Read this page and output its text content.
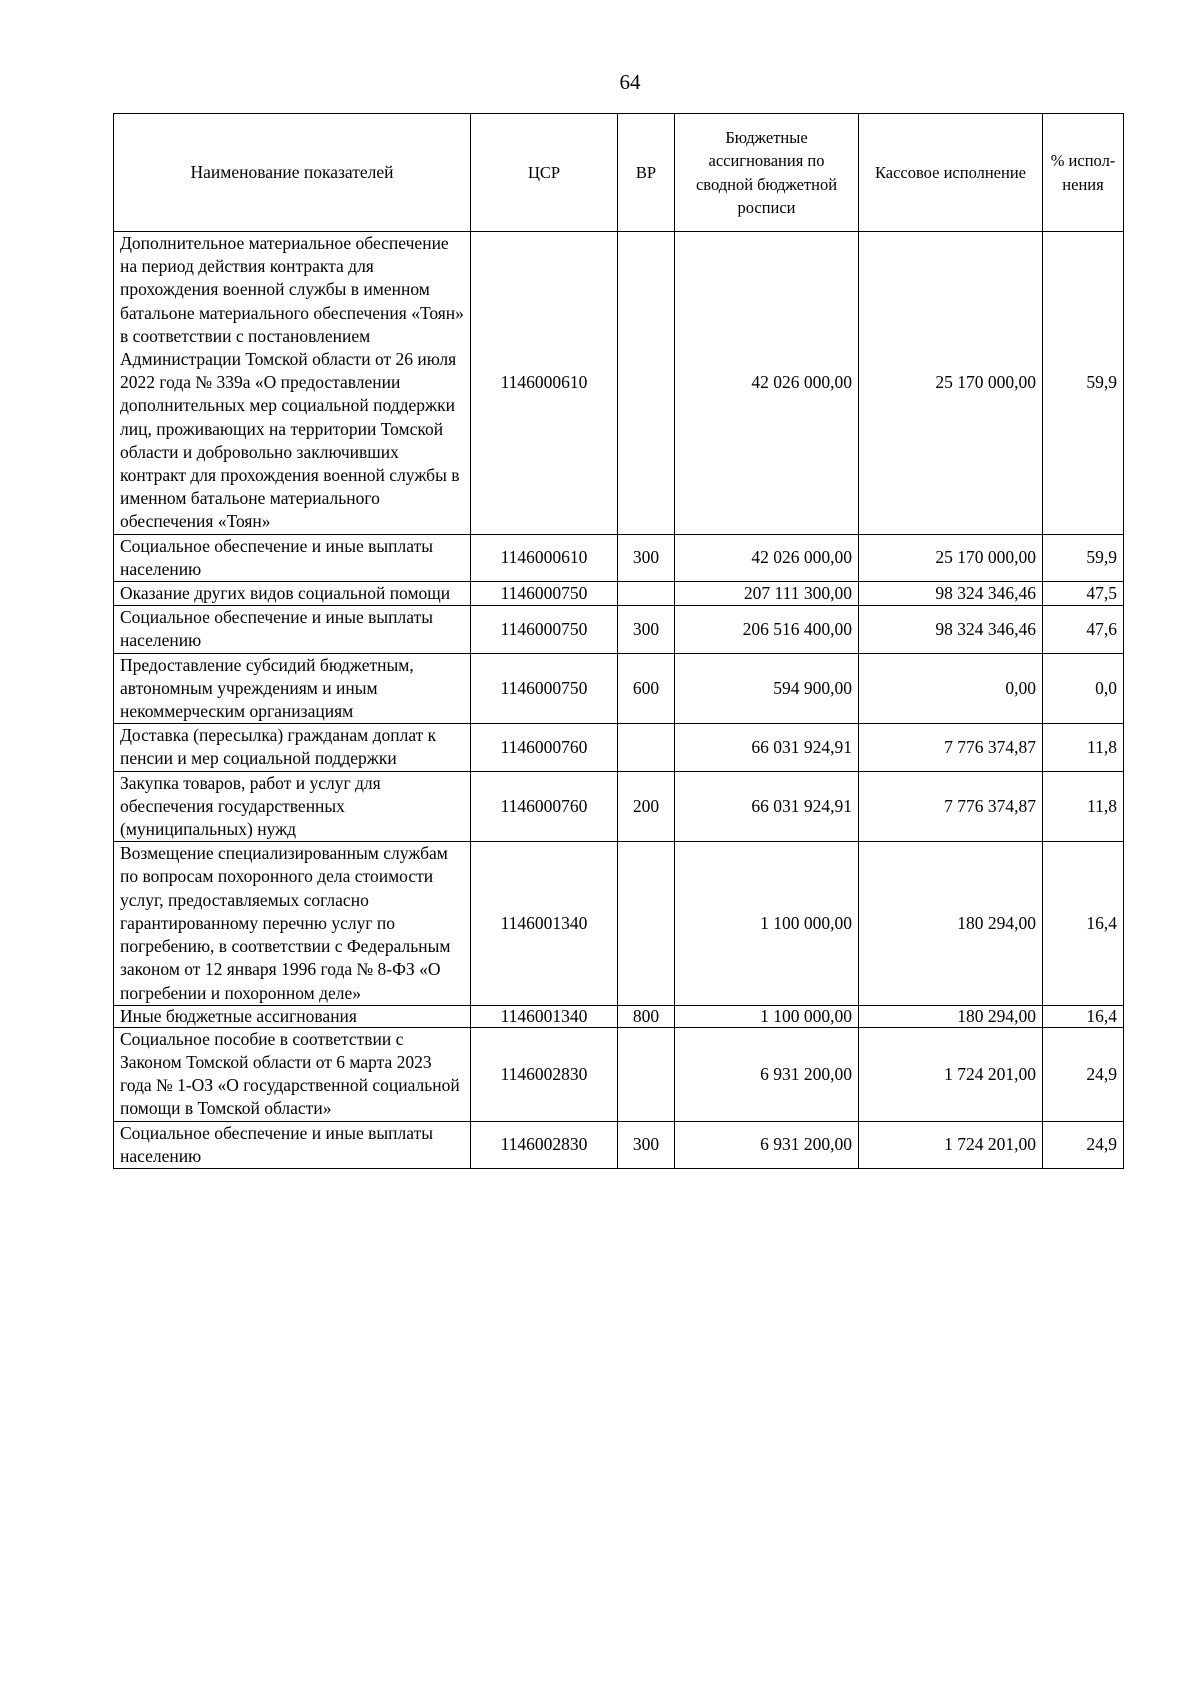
64
Наименование показателей	ЦСР	ВР	Бюджетные ассигнования по сводной бюджетной росписи	Кассовое исполнение	% испол-нения
Дополнительное материальное обеспечение на период действия контракта для прохождения военной службы в именном батальоне материального обеспечения «Тоян» в соответствии с постановлением Администрации Томской области от 26 июля 2022 года № 339а «О предоставлении дополнительных мер социальной поддержки лиц, проживающих на территории Томской области и добровольно заключивших контракт для прохождения военной службы в именном батальоне материального обеспечения «Тоян»	1146000610		42 026 000,00	25 170 000,00	59,9
Социальное обеспечение и иные выплаты населению	1146000610	300	42 026 000,00	25 170 000,00	59,9
Оказание других видов социальной помощи	1146000750		207 111 300,00	98 324 346,46	47,5
Социальное обеспечение и иные выплаты населению	1146000750	300	206 516 400,00	98 324 346,46	47,6
Предоставление субсидий бюджетным, автономным учреждениям и иным некоммерческим организациям	1146000750	600	594 900,00	0,00	0,0
Доставка (пересылка) гражданам доплат к пенсии и мер социальной поддержки	1146000760		66 031 924,91	7 776 374,87	11,8
Закупка товаров, работ и услуг для обеспечения государственных (муниципальных) нужд	1146000760	200	66 031 924,91	7 776 374,87	11,8
Возмещение специализированным службам по вопросам похоронного дела стоимости услуг, предоставляемых согласно гарантированному перечню услуг по погребению, в соответствии с Федеральным законом от 12 января 1996 года № 8-ФЗ «О погребении и похоронном деле»	1146001340		1 100 000,00	180 294,00	16,4
Иные бюджетные ассигнования	1146001340	800	1 100 000,00	180 294,00	16,4
Социальное пособие в соответствии с Законом Томской области от 6 марта 2023 года № 1-ОЗ «О государственной социальной помощи в Томской области»	1146002830		6 931 200,00	1 724 201,00	24,9
Социальное обеспечение и иные выплаты населению	1146002830	300	6 931 200,00	1 724 201,00	24,9
